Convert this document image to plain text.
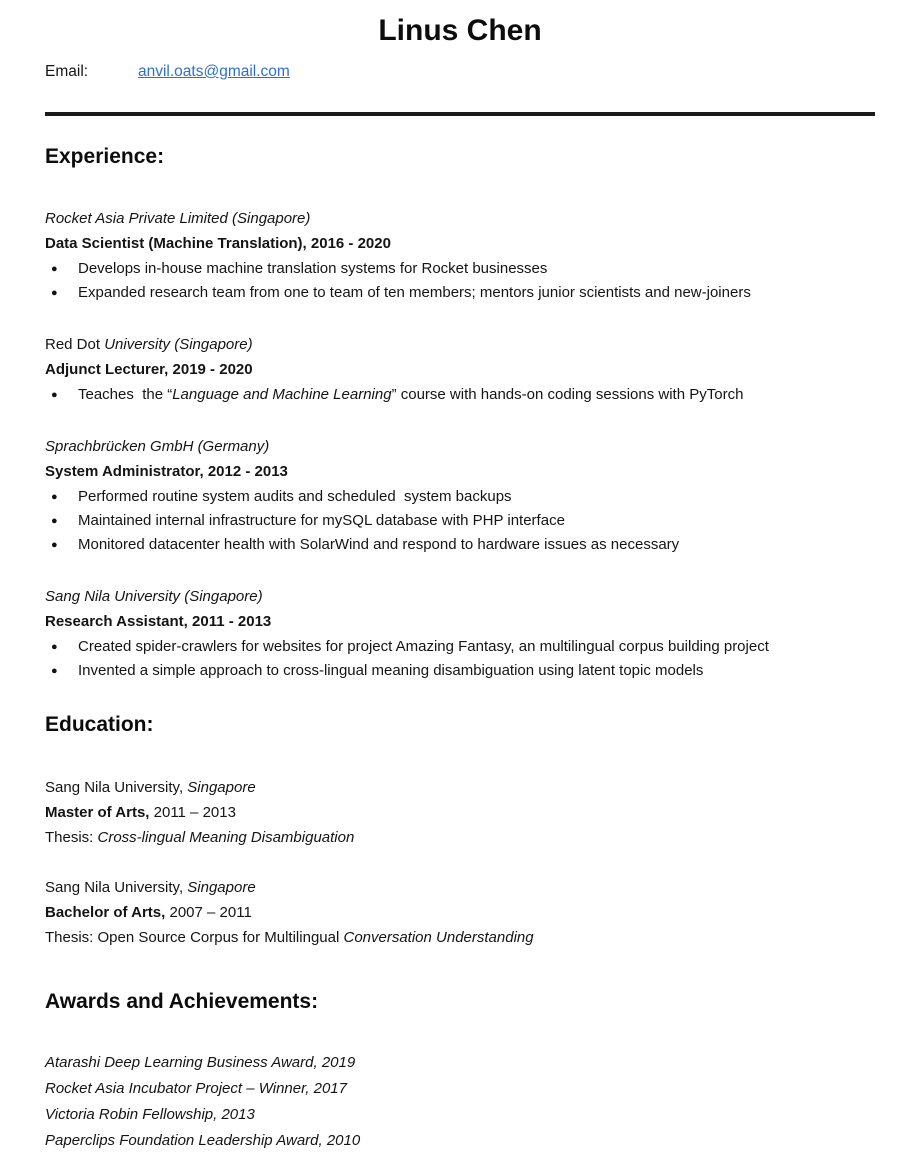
Linus Chen
Email:	anvil.oats@gmail.com
Experience:
Rocket Asia Private Limited (Singapore)
Data Scientist (Machine Translation), 2016 - 2020
●	Develops in-house machine translation systems for Rocket businesses
●	Expanded research team from one to team of ten members; mentors junior scientists and new-joiners
Red Dot University (Singapore)
Adjunct Lecturer, 2019 - 2020
●	Teaches  the “Language and Machine Learning” course with hands-on coding sessions with PyTorch
Sprachbrücken GmbH (Germany)
System Administrator, 2012 - 2013
●	Performed routine system audits and scheduled  system backups
●	Maintained internal infrastructure for mySQL database with PHP interface
●	Monitored datacenter health with SolarWind and respond to hardware issues as necessary
Sang Nila University (Singapore)
Research Assistant, 2011 - 2013
●	Created spider-crawlers for websites for project Amazing Fantasy, an multilingual corpus building project
●	Invented a simple approach to cross-lingual meaning disambiguation using latent topic models
Education:
Sang Nila University, Singapore
Master of Arts, 2011 – 2013
Thesis: Cross-lingual Meaning Disambiguation
Sang Nila University, Singapore
Bachelor of Arts, 2007 – 2011
Thesis: Open Source Corpus for Multilingual Conversation Understanding
Awards and Achievements:
Atarashi Deep Learning Business Award, 2019
Rocket Asia Incubator Project – Winner, 2017
Victoria Robin Fellowship, 2013
Paperclips Foundation Leadership Award, 2010
